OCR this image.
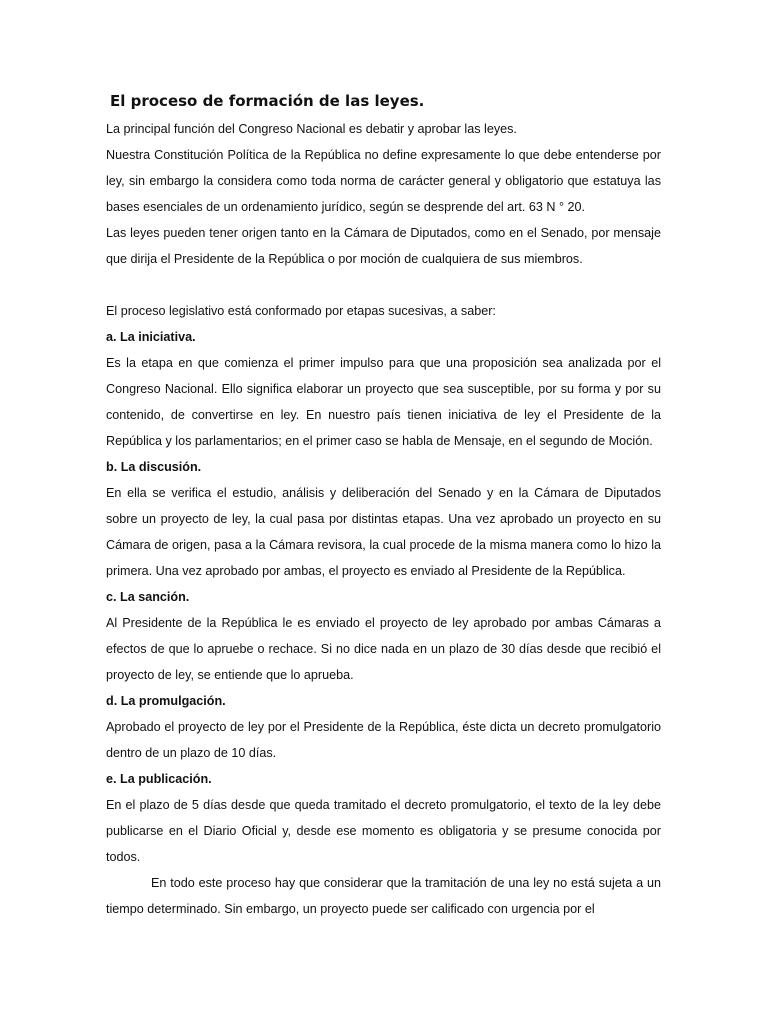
El proceso de formación de las leyes.

La principal función del Congreso Nacional es debatir y aprobar las leyes.

Nuestra Constitución Política de la República no define expresamente lo que debe entenderse por ley, sin embargo la considera como toda norma de carácter general y obligatorio que estatuya las bases esenciales de un ordenamiento jurídico, según se desprende del art. 63 N ° 20.

Las leyes pueden tener origen tanto en la Cámara de Diputados, como en el Senado, por mensaje que dirija el Presidente de la República o por moción de cualquiera de sus miembros.

El proceso legislativo está conformado por etapas sucesivas, a saber:

a. La iniciativa.

Es la etapa en que comienza el primer impulso para que una proposición sea analizada por el Congreso Nacional. Ello significa elaborar un proyecto que sea susceptible, por su forma y por su contenido, de convertirse en ley. En nuestro país tienen iniciativa de ley el Presidente de la República y los parlamentarios; en el primer caso se habla de Mensaje, en el segundo de Moción.

b. La discusión.

En ella se verifica el estudio, análisis y deliberación del Senado y en la Cámara de Diputados sobre un proyecto de ley, la cual pasa por distintas etapas. Una vez aprobado un proyecto en su Cámara de origen, pasa a la Cámara revisora, la cual procede de la misma manera como lo hizo la primera. Una vez aprobado por ambas, el proyecto es enviado al Presidente de la República.

c. La sanción.

Al Presidente de la República le es enviado el proyecto de ley aprobado por ambas Cámaras a efectos de que lo apruebe o rechace. Si no dice nada en un plazo de 30 días desde que recibió el proyecto de ley, se entiende que lo aprueba.

d. La promulgación.

Aprobado el proyecto de ley por el Presidente de la República, éste dicta un decreto promulgatorio dentro de un plazo de 10 días.

e. La publicación.

En el plazo de 5 días desde que queda tramitado el decreto promulgatorio, el texto de la ley debe publicarse en el Diario Oficial y, desde ese momento es obligatoria y se presume conocida por todos.

En todo este proceso hay que considerar que la tramitación de una ley no está sujeta a un tiempo determinado. Sin embargo, un proyecto puede ser calificado con urgencia por el
